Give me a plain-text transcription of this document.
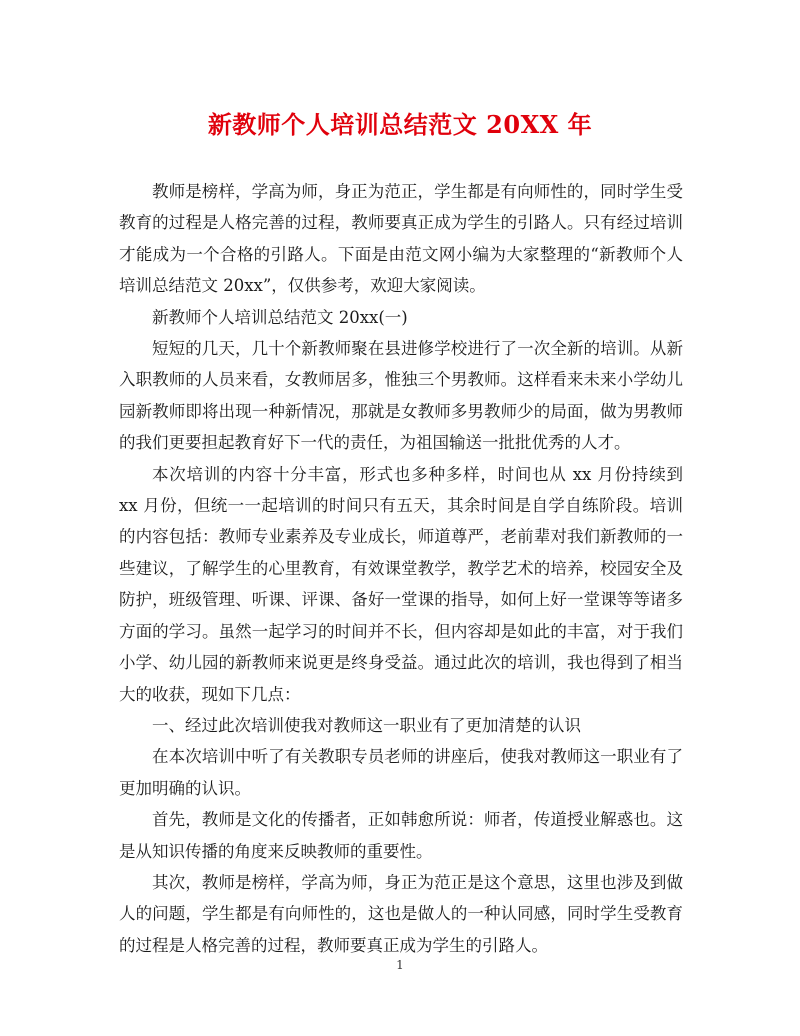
新教师个人培训总结范文 20XX 年

教师是榜样，学高为师，身正为范正，学生都是有向师性的，同时学生受教育的过程是人格完善的过程，教师要真正成为学生的引路人。只有经过培训才能成为一个合格的引路人。下面是由范文网小编为大家整理的“新教师个人培训总结范文 20xx”，仅供参考，欢迎大家阅读。

新教师个人培训总结范文 20xx(一)

短短的几天，几十个新教师聚在县进修学校进行了一次全新的培训。从新入职教师的人员来看，女教师居多，惟独三个男教师。这样看来未来小学幼儿园新教师即将出现一种新情况，那就是女教师多男教师少的局面，做为男教师的我们更要担起教育好下一代的责任，为祖国输送一批批优秀的人才。

本次培训的内容十分丰富，形式也多种多样，时间也从 xx 月份持续到 xx 月份，但统一一起培训的时间只有五天，其余时间是自学自练阶段。培训的内容包括：教师专业素养及专业成长，师道尊严，老前辈对我们新教师的一些建议，了解学生的心里教育，有效课堂教学，教学艺术的培养，校园安全及防护，班级管理、听课、评课、备好一堂课的指导，如何上好一堂课等等诸多方面的学习。虽然一起学习的时间并不长，但内容却是如此的丰富，对于我们小学、幼儿园的新教师来说更是终身受益。通过此次的培训，我也得到了相当大的收获，现如下几点：

一、经过此次培训使我对教师这一职业有了更加清楚的认识

在本次培训中听了有关教职专员老师的讲座后，使我对教师这一职业有了更加明确的认识。

首先，教师是文化的传播者，正如韩愈所说：师者，传道授业解惑也。这是从知识传播的角度来反映教师的重要性。

其次，教师是榜样，学高为师，身正为范正是这个意思，这里也涉及到做人的问题，学生都是有向师性的，这也是做人的一种认同感，同时学生受教育的过程是人格完善的过程，教师要真正成为学生的引路人。

1
